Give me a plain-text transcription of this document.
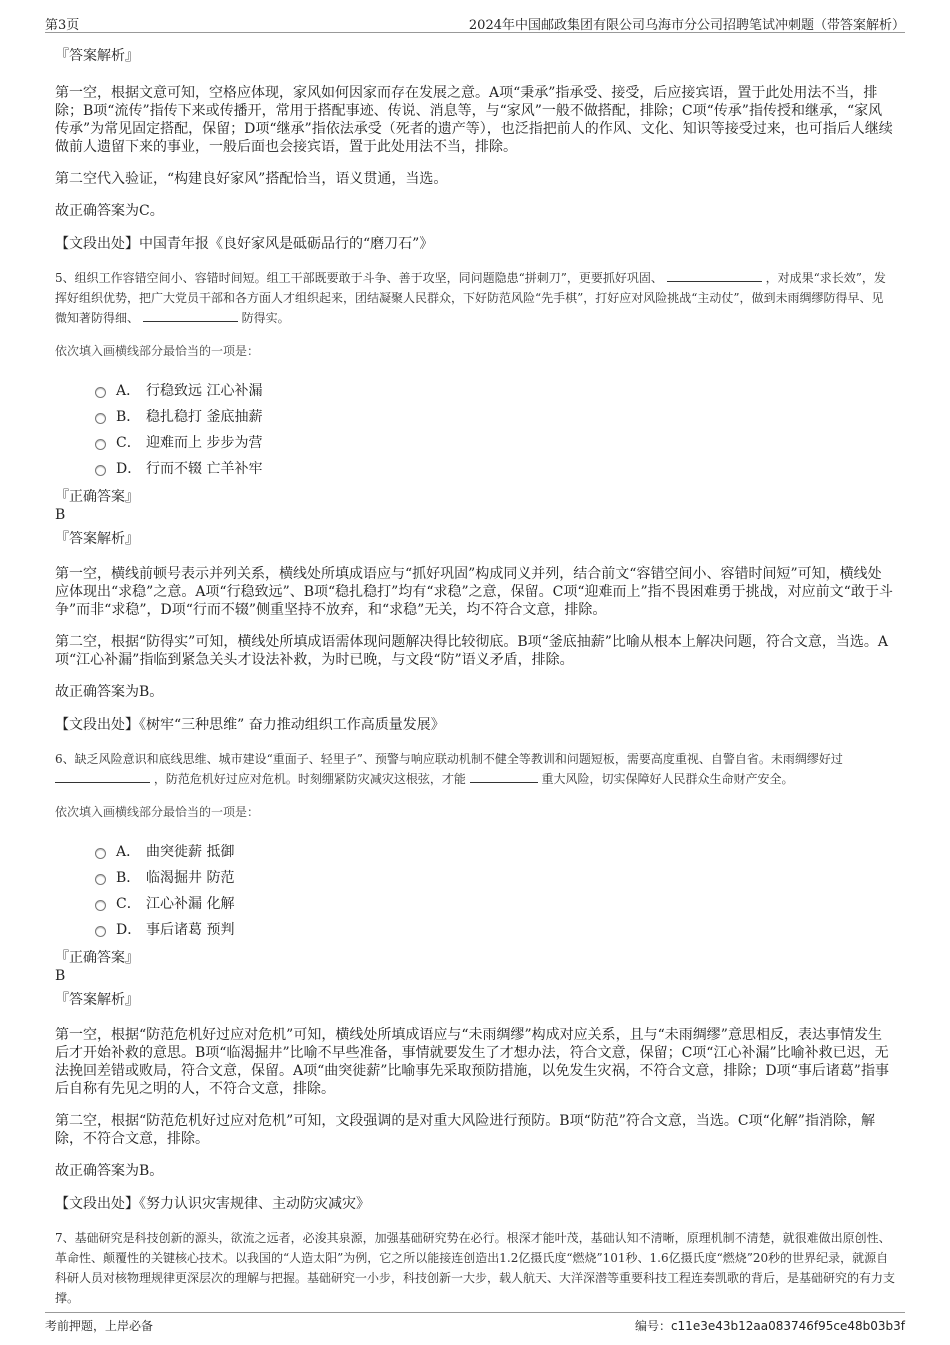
第3页	2024年中国邮政集团有限公司乌海市分公司招聘笔试冲刺题（带答案解析）
『答案解析』

第一空，根据文意可知，空格应体现，家风如何因家而存在发展之意。A项“秉承”指承受、接受，后应接宾语，置于此处用法不当，排除；B项“流传”指传下来或传播开，常用于搭配事迹、传说、消息等，与“家风”一般不做搭配，排除；C项“传承”指传授和继承，“家风传承”为常见固定搭配，保留；D项“继承”指依法承受（死者的遗产等），也泛指把前人的作风、文化、知识等接受过来，也可指后人继续做前人遗留下来的事业，一般后面也会接宾语，置于此处用法不当，排除。

第二空代入验证，“构建良好家风”搭配恰当，语义贯通，当选。

故正确答案为C。

【文段出处】中国青年报《良好家风是砥砺品行的“磨刀石”》

5、组织工作容错空间小、容错时间短。组工干部既要敢于斗争、善于攻坚，同问题隐患“拼刺刀”，更要抓好巩固、	，对成果“求长效”，发挥好组织优势，把广大党员干部和各方面人才组织起来，团结凝聚人民群众，下好防范风险“先手棋”，打好应对风险挑战“主动仗”，做到未雨绸缪防得早、见微知著防得细、	防得实。
依次填入画横线部分最恰当的一项是：
A． 行稳致远 江心补漏
B． 稳扎稳打 釜底抽薪
C． 迎难而上 步步为营
D． 行而不辍 亡羊补牢
『正确答案』
B
『答案解析』

第一空，横线前顿号表示并列关系，横线处所填成语应与“抓好巩固”构成同义并列，结合前文“容错空间小、容错时间短”可知，横线处应体现出“求稳”之意。A项“行稳致远”、B项“稳扎稳打”均有“求稳”之意，保留。C项“迎难而上”指不畏困难勇于挑战，对应前文“敢于斗争”而非“求稳”，D项“行而不辍”侧重坚持不放弃，和“求稳”无关，均不符合文意，排除。

第二空，根据“防得实”可知，横线处所填成语需体现问题解决得比较彻底。B项“釜底抽薪”比喻从根本上解决问题，符合文意，当选。A项“江心补漏”指临到紧急关头才设法补救，为时已晚，与文段“防”语义矛盾，排除。

故正确答案为B。

【文段出处】《树牢“三种思维” 奋力推动组织工作高质量发展》

6、缺乏风险意识和底线思维、城市建设“重面子、轻里子”、预警与响应联动机制不健全等教训和问题短板，需要高度重视、自警自省。未雨绸缪好过  ，防范危机好过应对危机。时刻绷紧防灾减灾这根弦，才能	重大风险，切实保障好人民群众生命财产安全。
依次填入画横线部分最恰当的一项是：
A． 曲突徙薪 抵御
B． 临渴掘井 防范
C． 江心补漏 化解
D． 事后诸葛 预判
『正确答案』
B
『答案解析』

第一空，根据“防范危机好过应对危机”可知，横线处所填成语应与“未雨绸缪”构成对应关系，且与“未雨绸缪”意思相反，表达事情发生后才开始补救的意思。B项“临渴掘井”比喻不早些准备，事情就要发生了才想办法，符合文意，保留；C项“江心补漏”比喻补救已迟，无法挽回差错或败局，符合文意，保留。A项“曲突徙薪”比喻事先采取预防措施，以免发生灾祸，不符合文意，排除；D项“事后诸葛”指事后自称有先见之明的人，不符合文意，排除。

第二空，根据“防范危机好过应对危机”可知，文段强调的是对重大风险进行预防。B项“防范”符合文意，当选。C项“化解”指消除，解除，不符合文意，排除。

故正确答案为B。

【文段出处】《努力认识灾害规律、主动防灾减灾》

7、基础研究是科技创新的源头，欲流之远者，必浚其泉源，加强基础研究势在必行。根深才能叶茂，基础认知不清晰，原理机制不清楚，就很难做出原创性、革命性、颠覆性的关键核心技术。以我国的“人造太阳”为例，它之所以能接连创造出1.2亿摄氏度“燃烧”101秒、1.6亿摄氏度“燃烧”20秒的世界纪录，就源自科研人员对核物理规律更深层次的理解与把握。基础研究一小步，科技创新一大步，载人航天、大洋深潜等重要科技工程连奏凯歌的背后，是基础研究的有力支撑。
考前押题，上岸必备	编号：c11e3e43b12aa083746f95ce48b03b3f
